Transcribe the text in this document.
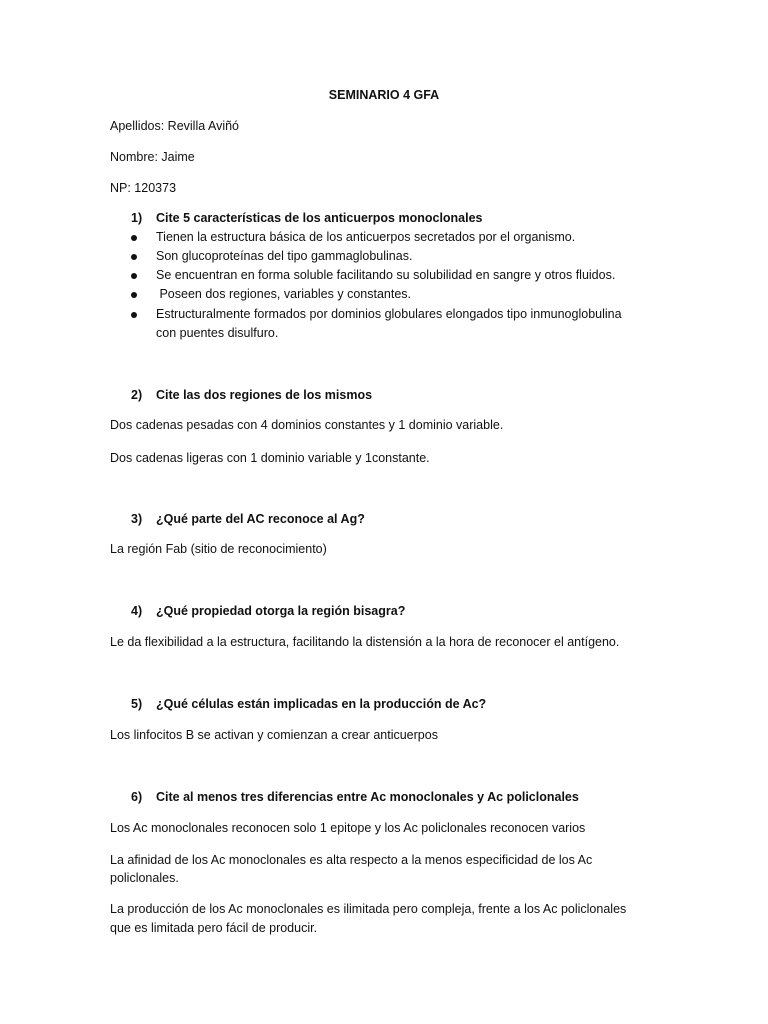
SEMINARIO 4 GFA
Apellidos: Revilla Aviñó
Nombre: Jaime
NP: 120373
1) Cite 5 características de los anticuerpos monoclonales
Tienen la estructura básica de los anticuerpos secretados por el organismo.
Son glucoproteínas del tipo gammaglobulinas.
Se encuentran en forma soluble facilitando su solubilidad en sangre y otros fluidos.
Poseen dos regiones, variables y constantes.
Estructuralmente formados por dominios globulares elongados tipo inmunoglobulina
con puentes disulfuro.
2) Cite las dos regiones de los mismos
Dos cadenas pesadas con 4 dominios constantes y 1 dominio variable.
Dos cadenas ligeras con 1 dominio variable y 1constante.
3) ¿Qué parte del AC reconoce al Ag?
La región Fab (sitio de reconocimiento)
4) ¿Qué propiedad otorga la región bisagra?
Le da flexibilidad a la estructura, facilitando la distensión a la hora de reconocer el antígeno.
5) ¿Qué células están implicadas en la producción de Ac?
Los linfocitos B se activan y comienzan a crear anticuerpos
6) Cite al menos tres diferencias entre Ac monoclonales y Ac policlonales
Los Ac monoclonales reconocen solo 1 epitope y los Ac policlonales reconocen varios
La afinidad de los Ac monoclonales es alta respecto a la menos especificidad de los Ac
policlonales.
La producción de los Ac monoclonales es ilimitada pero compleja, frente a los Ac policlonales
que es limitada pero fácil de producir.
